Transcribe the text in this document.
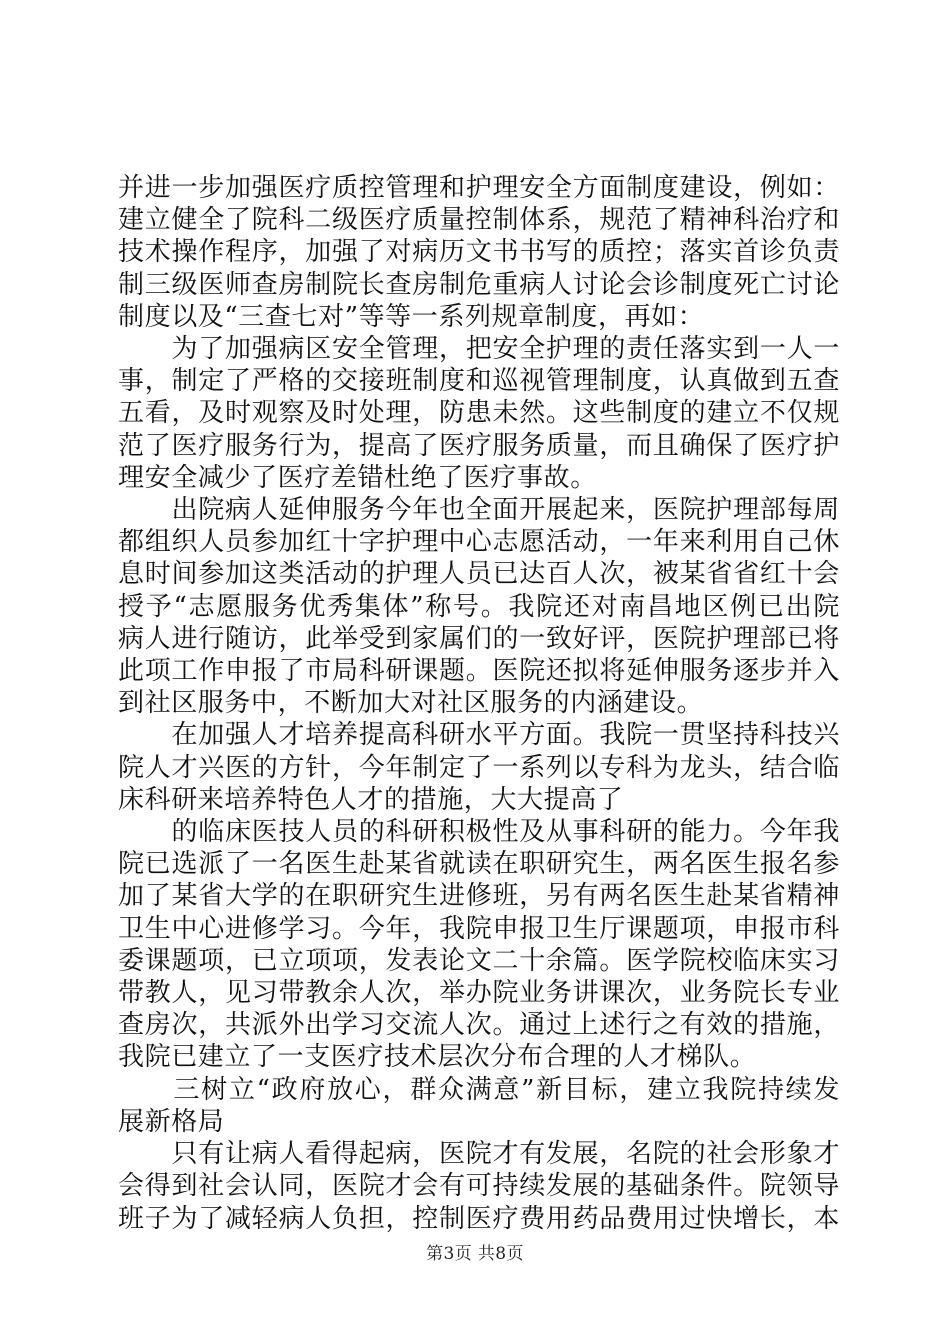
并进一步加强医疗质控管理和护理安全方面制度建设，例如：
建立健全了院科二级医疗质量控制体系，规范了精神科治疗和
技术操作程序，加强了对病历文书书写的质控；落实首诊负责
制三级医师查房制院长查房制危重病人讨论会诊制度死亡讨论
制度以及“三查七对”等等一系列规章制度，再如：
　　为了加强病区安全管理，把安全护理的责任落实到一人一
事，制定了严格的交接班制度和巡视管理制度，认真做到五查
五看，及时观察及时处理，防患未然。这些制度的建立不仅规
范了医疗服务行为，提高了医疗服务质量，而且确保了医疗护
理安全减少了医疗差错杜绝了医疗事故。
　　出院病人延伸服务今年也全面开展起来，医院护理部每周
都组织人员参加红十字护理中心志愿活动，一年来利用自己休
息时间参加这类活动的护理人员已达百人次，被某省省红十会
授予“志愿服务优秀集体”称号。我院还对南昌地区例已出院
病人进行随访，此举受到家属们的一致好评，医院护理部已将
此项工作申报了市局科研课题。医院还拟将延伸服务逐步并入
到社区服务中，不断加大对社区服务的内涵建设。
　　在加强人才培养提高科研水平方面。我院一贯坚持科技兴
院人才兴医的方针，今年制定了一系列以专科为龙头，结合临
床科研来培养特色人才的措施，大大提高了
　　的临床医技人员的科研积极性及从事科研的能力。今年我
院已选派了一名医生赴某省就读在职研究生，两名医生报名参
加了某省大学的在职研究生进修班，另有两名医生赴某省精神
卫生中心进修学习。今年，我院申报卫生厅课题项，申报市科
委课题项，已立项项，发表论文二十余篇。医学院校临床实习
带教人，见习带教余人次，举办院业务讲课次，业务院长专业
查房次，共派外出学习交流人次。通过上述行之有效的措施，
我院已建立了一支医疗技术层次分布合理的人才梯队。
　　三树立“政府放心，群众满意”新目标，建立我院持续发
展新格局
　　只有让病人看得起病，医院才有发展，名院的社会形象才
会得到社会认同，医院才会有可持续发展的基础条件。院领导
班子为了减轻病人负担，控制医疗费用药品费用过快增长，本
第3页 共8页
